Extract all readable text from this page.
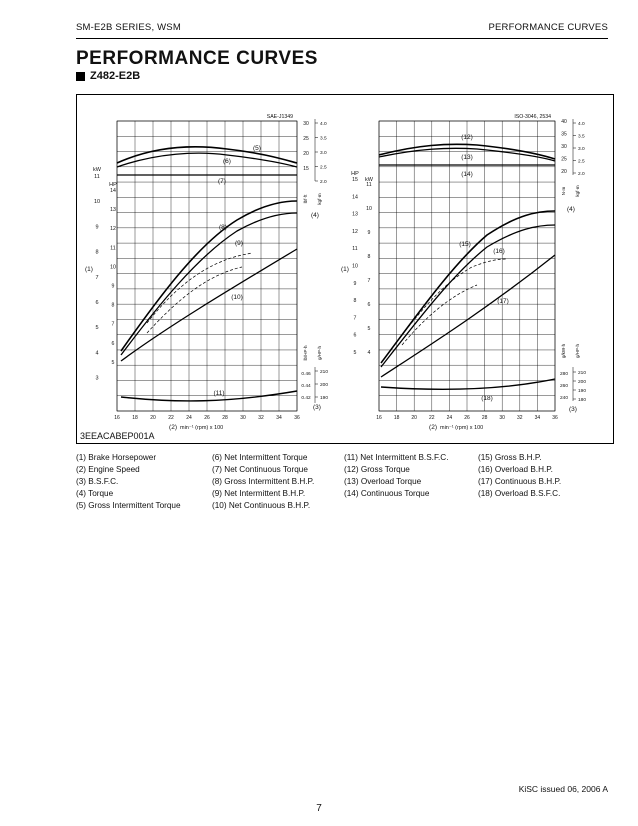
SM-E2B SERIES, WSM	PERFORMANCE CURVES
PERFORMANCE CURVES
Z482-E2B
16 18 20 22 24 26 28 30 32 34 36
SAE-J1349
(2) min⁻¹ (rpm) x 100
kW
HP
11
10
9
8
7
6
5
4
3
14
13
12
11
10
9
8
7
6
5
30
25
20
15
4.0
3.5
3.0
2.5
2.0
lbf·ft kgf·m
0.46
0.44
0.42
210
200
190
lb/HP·h g/HP·h
(1)
(3)
(4)
(5)
(6)
(7)
(8)
(9)
(10)
(11)
16 18 20 22 24 26 28 30 32 34 36
ISO-3046, 2534
(2) min⁻¹ (rpm) x 100
HP
kW
15
14
13
12
11
10
9
8
7
6
5
11
10
9
8
7
6
5
4
40
35
30
25
20
4.0
3.5
3.0
2.5
2.0
N·m kgf·m
280
260
240
210
200
190
180
g/kW·h g/HP·h
(1)
(3)
(4)
(12)
(13)
(14)
(15)
(16)
(17)
(18)
3EEACABEP001A
(1) Brake Horsepower
(2) Engine Speed
(3) B.S.F.C.
(4) Torque
(5) Gross Intermittent Torque
(6) Net Intermittent Torque
(7) Net Continuous Torque
(8) Gross Intermittent B.H.P.
(9) Net Intermittent B.H.P.
(10) Net Continuous B.H.P.
(11) Net Intermittent B.S.F.C.
(12) Gross Torque
(13) Overload Torque
(14) Continuous Torque
(15) Gross B.H.P.
(16) Overload B.H.P.
(17) Continuous B.H.P.
(18) Overload B.S.F.C.
KiSC issued 06, 2006 A
7
